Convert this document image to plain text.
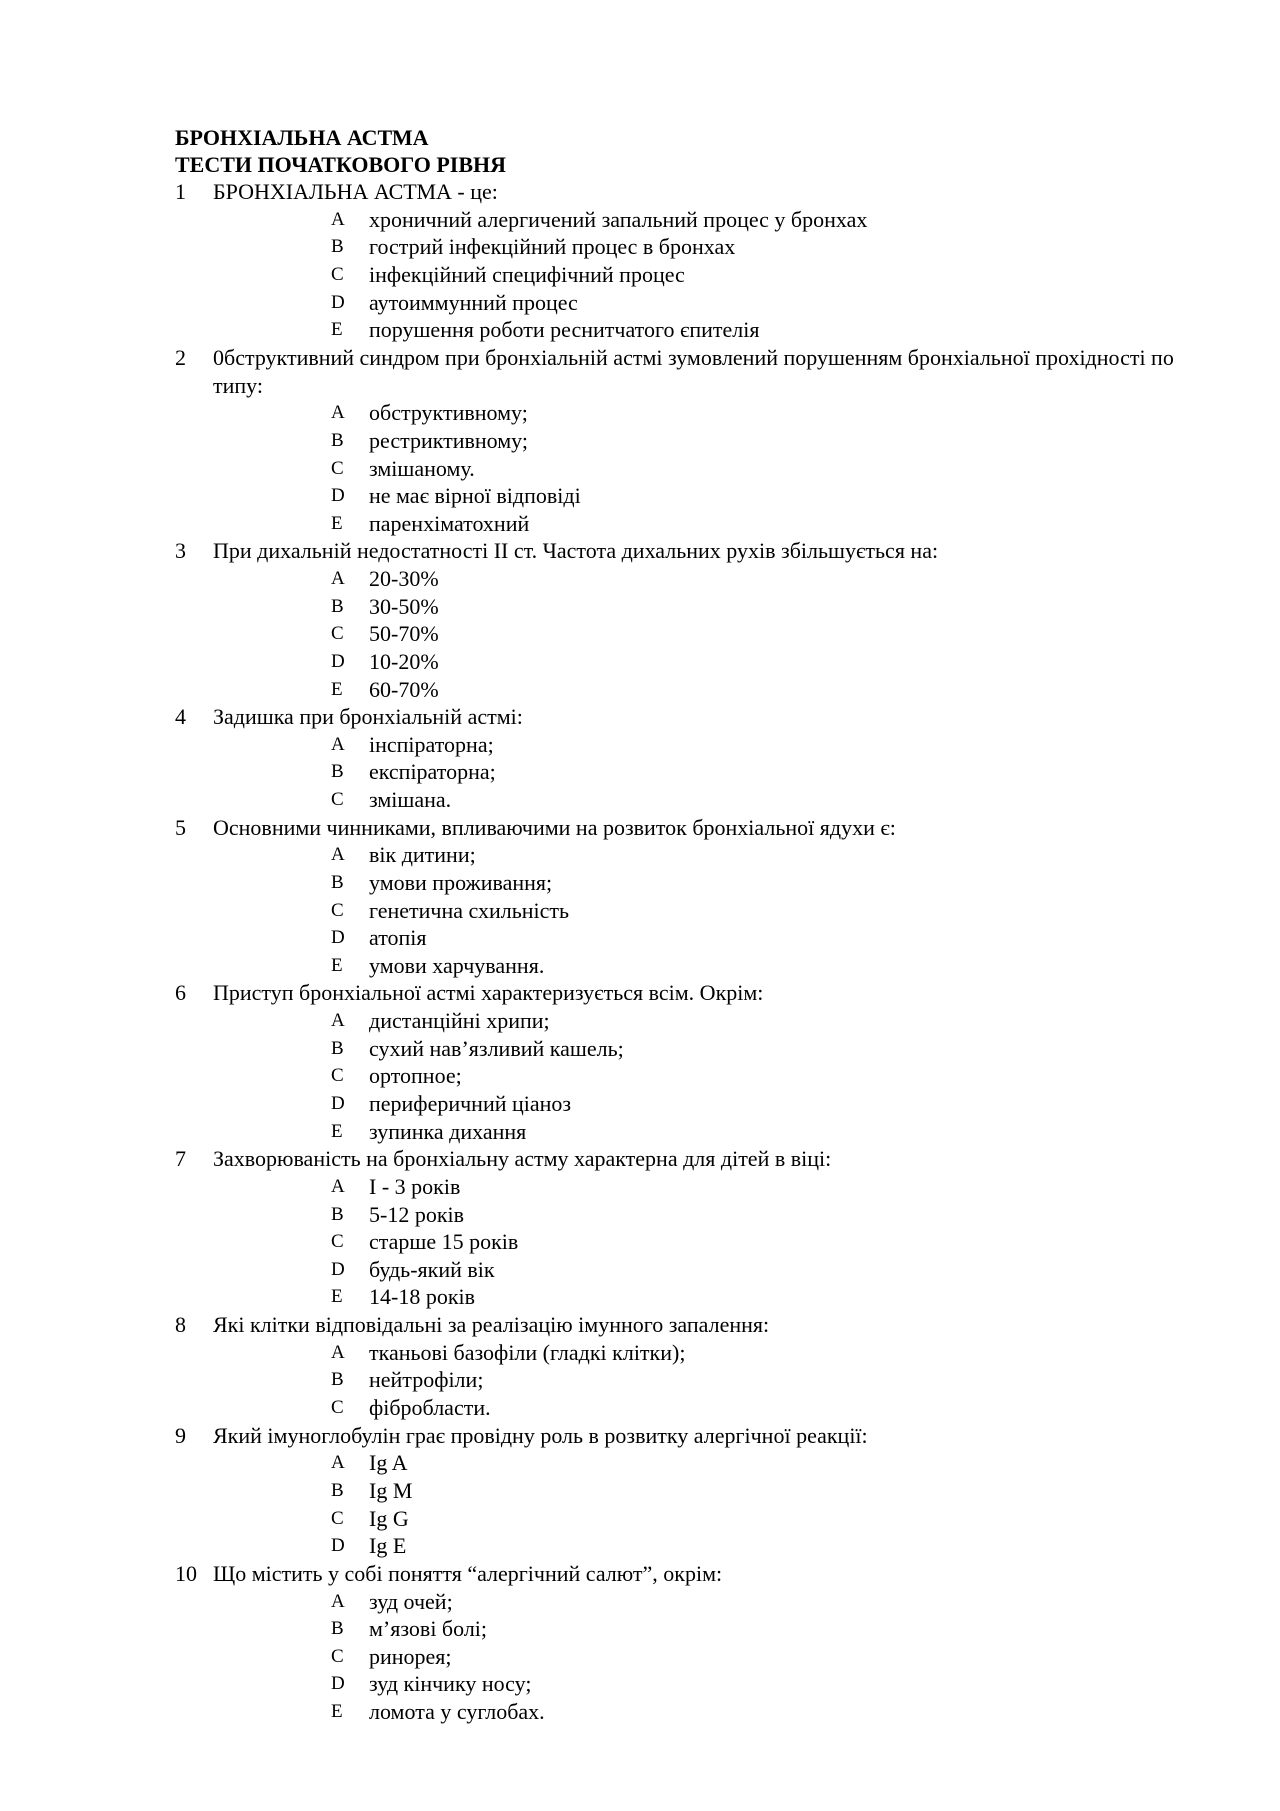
БРОНХІАЛЬНА АСТМА
ТЕСТИ ПОЧАТКОВОГО РІВНЯ
1	БРОНХІАЛЬНА АСТМА - це:
A хроничний алергичений запальний процес у бронхах
B гострий інфекційний процес в бронхах
C інфекційний специфічний процес
D аутоиммунний процес
E порушення роботи реснитчатого єпителія
2	0бструктивний синдром при бронхіальній астмі зумовлений порушенням бронхіальної прохідності по типу:
A обструктивному;
B рестриктивному;
C змішаному.
D не має вірної відповіді
E паренхіматохний
3	При дихальній недостатності II ст. Частота дихальних рухів збільшується на:
A 20-30%
B 30-50%
C 50-70%
D 10-20%
E 60-70%
4	Задишка при бронхіальній астмі:
A інспіраторна;
B експіраторна;
C змішана.
5	Основними чинниками, впливаючими на розвиток бронхіальної ядухи є:
A вік дитини;
B умови проживання;
C генетична схильність
D атопія
E умови харчування.
6	Приступ бронхіальної астмі характеризується всім. Окрім:
A дистанційні хрипи;
B сухий нав’язливий кашель;
C ортопное;
D периферичний ціаноз
E зупинка дихання
7	Захворюваність на бронхіальну астму характерна для дітей в віці:
A І - 3 років
B 5-12 років
C старше 15 років
D будь-який вік
E 14-18 років
8	Які клітки відповідальні за реалізацію імунного запалення:
A тканьові базофіли (гладкі клітки);
B нейтрофіли;
C фібробласти.
9	Який імуноглобулін грає провідну роль в розвитку алергічної реакції:
A Ig A
B Ig M
C Ig G
D Ig E
10 Що містить у собі поняття “алергічний салют”, окрім:
A зуд очей;
B м’язові болі;
C ринорея;
D зуд кінчику носу;
E ломота у суглобах.
